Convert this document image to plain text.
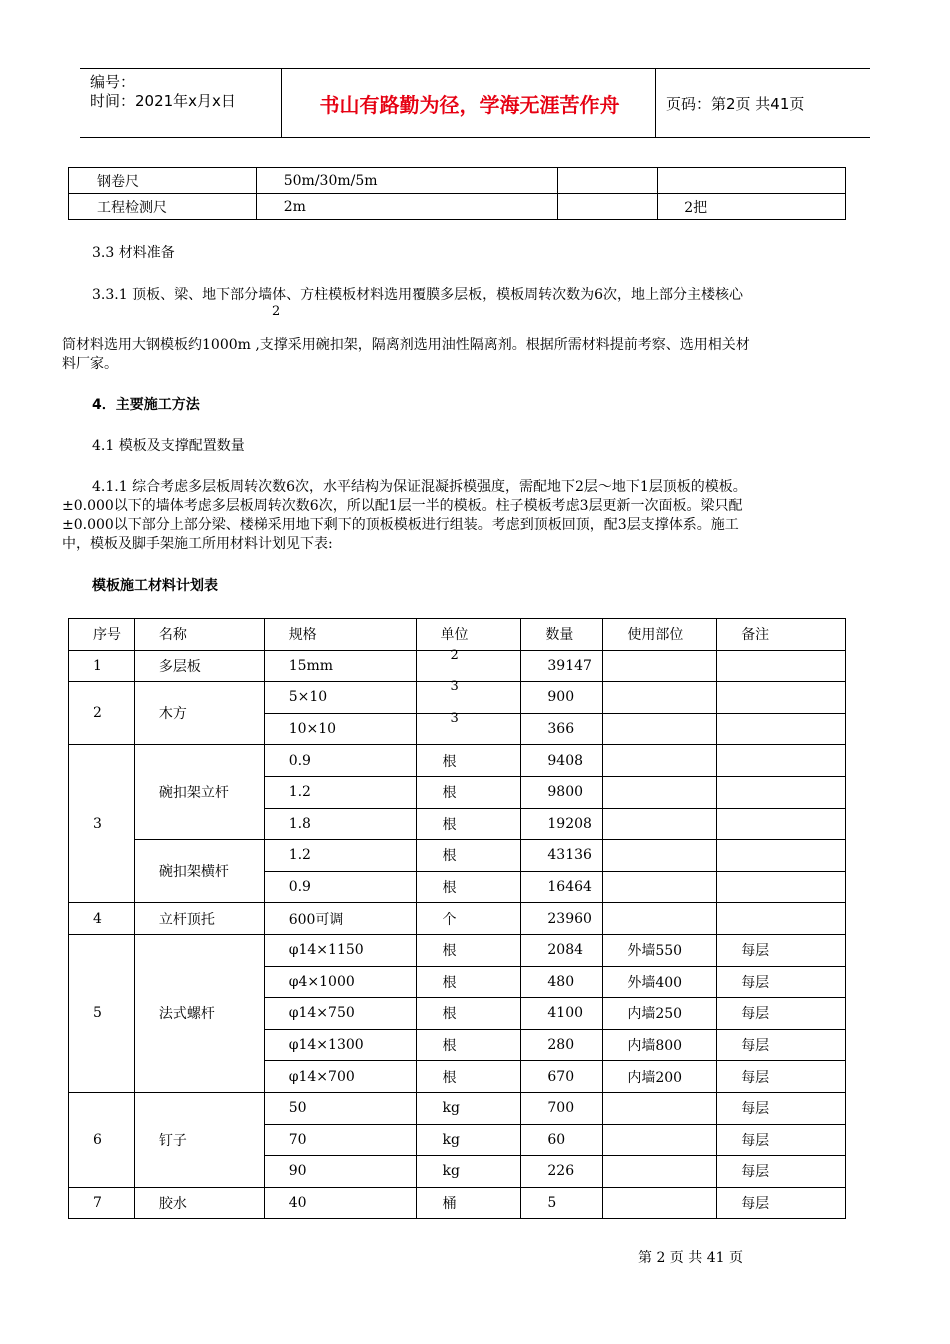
编号：
时间：2021年x月x日	书山有路勤为径，学海无涯苦作舟	页码：第2页 共41页
钢卷尺	50m/30m/5m		
工程检测尺	2m		2把
3.3 材料准备
3.3.1 顶板、梁、地下部分墙体、方柱模板材料选用覆膜多层板，模板周转次数为6次，地上部分主楼核心
2
筒材料选用大钢模板约1000m ,支撑采用碗扣架，隔离剂选用油性隔离剂。根据所需材料提前考察、选用相关材
料厂家。
4．主要施工方法
4.1 模板及支撑配置数量
4.1.1 综合考虑多层板周转次数6次，水平结构为保证混凝拆模强度，需配地下2层～地下1层顶板的模板。
±0.000以下的墙体考虑多层板周转次数6次，所以配1层一半的模板。柱子模板考虑3层更新一次面板。梁只配
±0.000以下部分上部分梁、楼梯采用地下剩下的顶板模板进行组装。考虑到顶板回顶，配3层支撑体系。施工
中，模板及脚手架施工所用材料计划见下表:
模板施工材料计划表
序号	名称	规格	单位	数量	使用部位	备注
1	多层板	15mm	2	39147		
2	木方	5×10	3	900		
		10×10	3	366		
3	碗扣架立杆	0.9	根	9408		
		1.2	根	9800		
		1.8	根	19208		
	碗扣架横杆	1.2	根	43136		
		0.9	根	16464		
4	立杆顶托	600可调	个	23960		
5	法式螺杆	φ14×1150	根	2084	外墙550	每层
		φ4×1000	根	480	外墙400	每层
		φ14×750	根	4100	内墙250	每层
		φ14×1300	根	280	内墙800	每层
		φ14×700	根	670	内墙200	每层
6	钉子	50	kg	700		每层
		70	kg	60		每层
		90	kg	226		每层
7	胶水	40	桶	5		每层
第 2 页 共 41 页
